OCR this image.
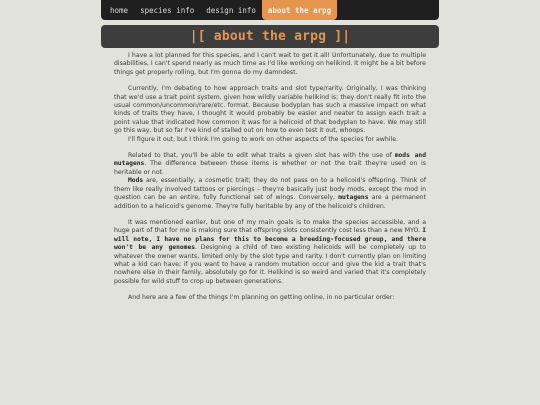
home	species info	design info	about the arpg
|[ about the arpg ]|

I have a lot planned for this species, and I can't wait to get it all! Unfortunately, due to multiple disabilities, I can't spend nearly as much time as I'd like working on helikind. It might be a bit before things get properly rolling, but I'm gonna do my damndest.

Currently, I'm debating to how approach traits and slot type/rarity. Originally, I was thinking that we'd use a trait point system, given how wildly variable helikind is; they don't really fit into the usual common/uncommon/rare/etc. format. Because bodyplan has such a massive impact on what kinds of traits they have, I thought it would probably be easier and neater to assign each trait a point value that indicated how common it was for a helicoid of that bodyplan to have. We may still go this way, but so far I've kind of stalled out on how to even test it out, whoops.

I'll figure it out, but I think I'm going to work on other aspects of the species for awhile.

Related to that, you'll be able to edit what traits a given slot has with the use of mods and mutagens. The difference between these items is whether or not the trait they're used on is heritable or not.

Mods are, essentially, a cosmetic trait; they do not pass on to a helicoid's offspring. Think of them like really involved tattoos or piercings – they're basically just body mods, except the mod in question can be an entire, fully functional set of wings. Conversely, mutagens are a permanent addition to a helicoid's genome. They're fully heritable by any of the helicoid's children.

It was mentioned earlier, but one of my main goals is to make the species accessible, and a huge part of that for me is making sure that offspring slots consistently cost less than a new MYO. I will note, I have no plans for this to become a breeding-focused group, and there won't be any genomes. Designing a child of two existing helicoids will be completely up to whatever the owner wants, limited only by the slot type and rarity. I don't currently plan on limiting what a kid can have; if you want to have a random mutation occur and give the kid a trait that's nowhere else in their family, absolutely go for it. Helikind is so weird and varied that it's completely possible for wild stuff to crop up between generations.

And here are a few of the things I'm planning on getting online, in no particular order:
